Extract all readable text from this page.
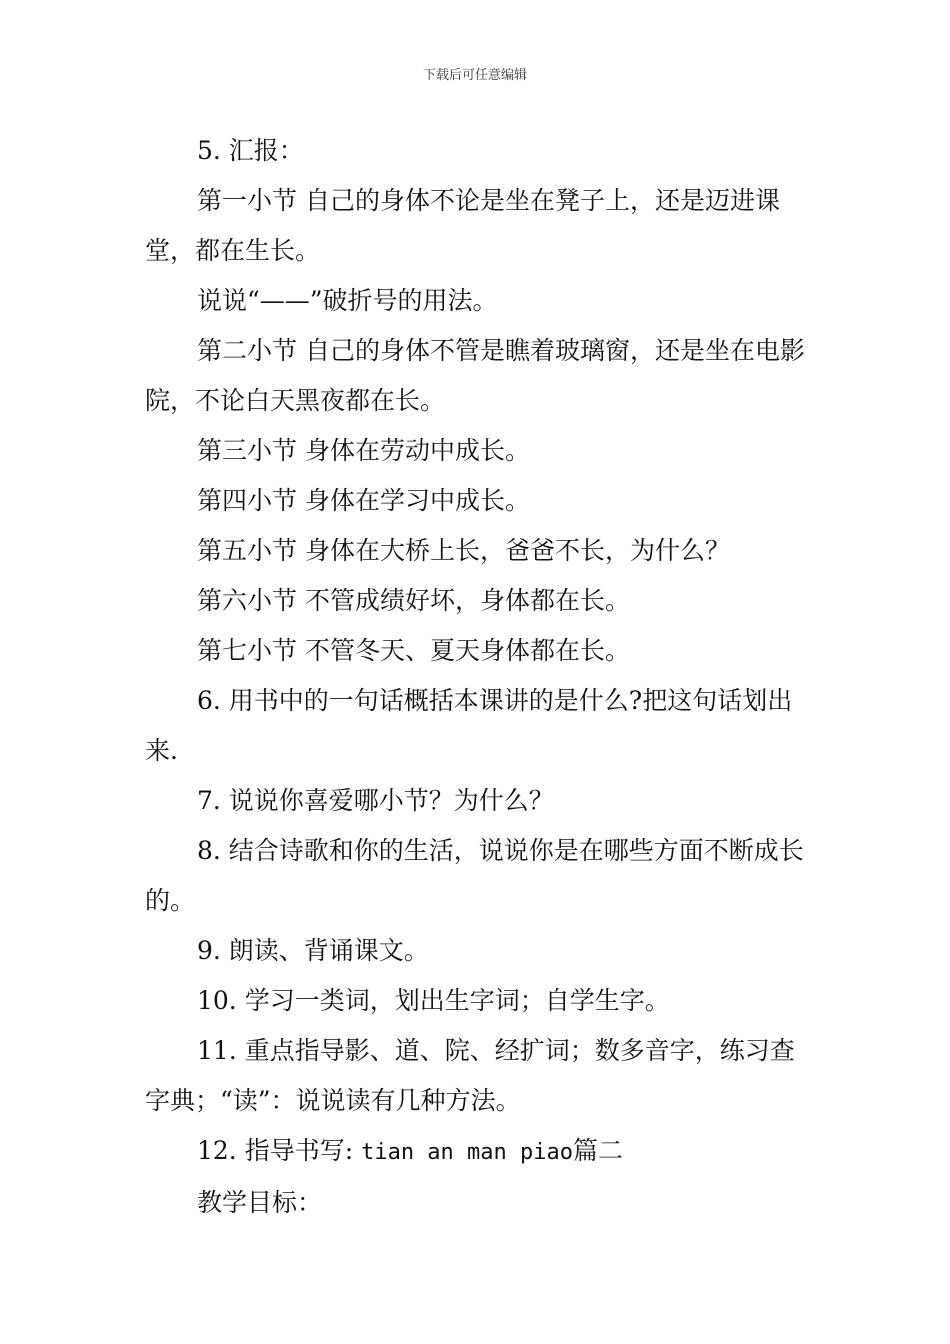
下载后可任意编辑

5. 汇报：

第一小节 自己的身体不论是坐在凳子上，还是迈进课堂，都在生长。

说说“——”破折号的用法。

第二小节 自己的身体不管是瞧着玻璃窗，还是坐在电影院，不论白天黑夜都在长。

第三小节 身体在劳动中成长。

第四小节 身体在学习中成长。

第五小节 身体在大桥上长，爸爸不长，为什么？

第六小节 不管成绩好坏，身体都在长。

第七小节 不管冬天、夏天身体都在长。

6. 用书中的一句话概括本课讲的是什么?把这句话划出来.

7. 说说你喜爱哪小节？为什么？

8. 结合诗歌和你的生活，说说你是在哪些方面不断成长的。

9. 朗读、背诵课文。

10. 学习一类词，划出生字词；自学生字。

11. 重点指导影、道、院、经扩词；数多音字，练习查字典；“读”：说说读有几种方法。

12. 指导书写: tian an man piao篇二

教学目标：
